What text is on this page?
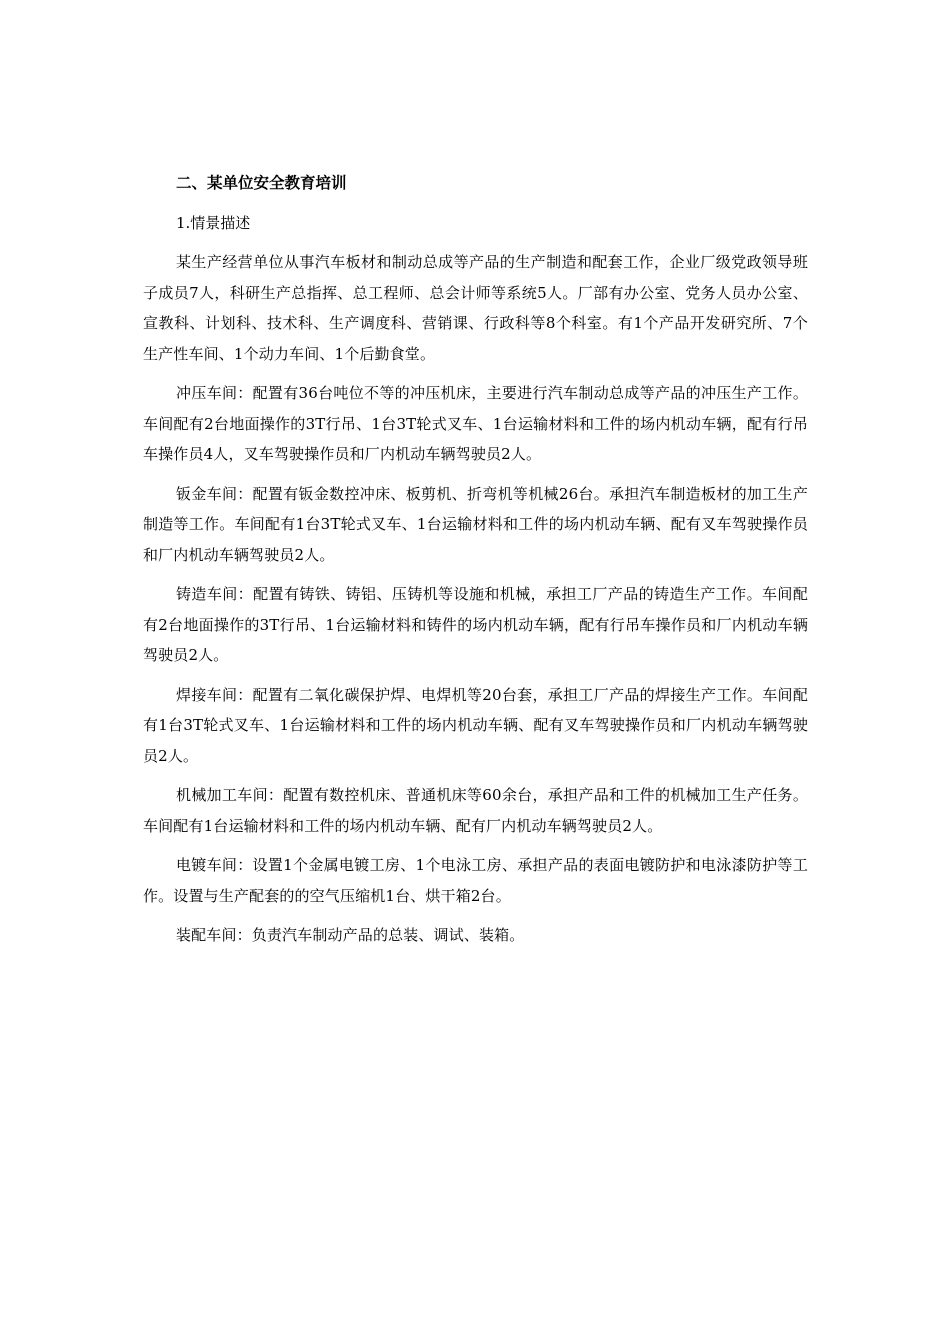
二、某单位安全教育培训
1.情景描述

某生产经营单位从事汽车板材和制动总成等产品的生产制造和配套工作，企业厂级党政领导班子成员7人，科研生产总指挥、总工程师、总会计师等系统5人。厂部有办公室、党务人员办公室、宣教科、计划科、技术科、生产调度科、营销课、行政科等8个科室。有1个产品开发研究所、7个生产性车间、1个动力车间、1个后勤食堂。

冲压车间：配置有36台吨位不等的冲压机床，主要进行汽车制动总成等产品的冲压生产工作。车间配有2台地面操作的3T行吊、1台3T轮式叉车、1台运输材料和工件的场内机动车辆，配有行吊车操作员4人，叉车驾驶操作员和厂内机动车辆驾驶员2人。

钣金车间：配置有钣金数控冲床、板剪机、折弯机等机械26台。承担汽车制造板材的加工生产制造等工作。车间配有1台3T轮式叉车、1台运输材料和工件的场内机动车辆、配有叉车驾驶操作员和厂内机动车辆驾驶员2人。

铸造车间：配置有铸铁、铸铝、压铸机等设施和机械，承担工厂产品的铸造生产工作。车间配有2台地面操作的3T行吊、1台运输材料和铸件的场内机动车辆，配有行吊车操作员和厂内机动车辆驾驶员2人。

焊接车间：配置有二氧化碳保护焊、电焊机等20台套，承担工厂产品的焊接生产工作。车间配有1台3T轮式叉车、1台运输材料和工件的场内机动车辆、配有叉车驾驶操作员和厂内机动车辆驾驶员2人。

机械加工车间：配置有数控机床、普通机床等60余台，承担产品和工件的机械加工生产任务。车间配有1台运输材料和工件的场内机动车辆、配有厂内机动车辆驾驶员2人。

电镀车间：设置1个金属电镀工房、1个电泳工房、承担产品的表面电镀防护和电泳漆防护等工作。设置与生产配套的的空气压缩机1台、烘干箱2台。

装配车间：负责汽车制动产品的总装、调试、装箱。
